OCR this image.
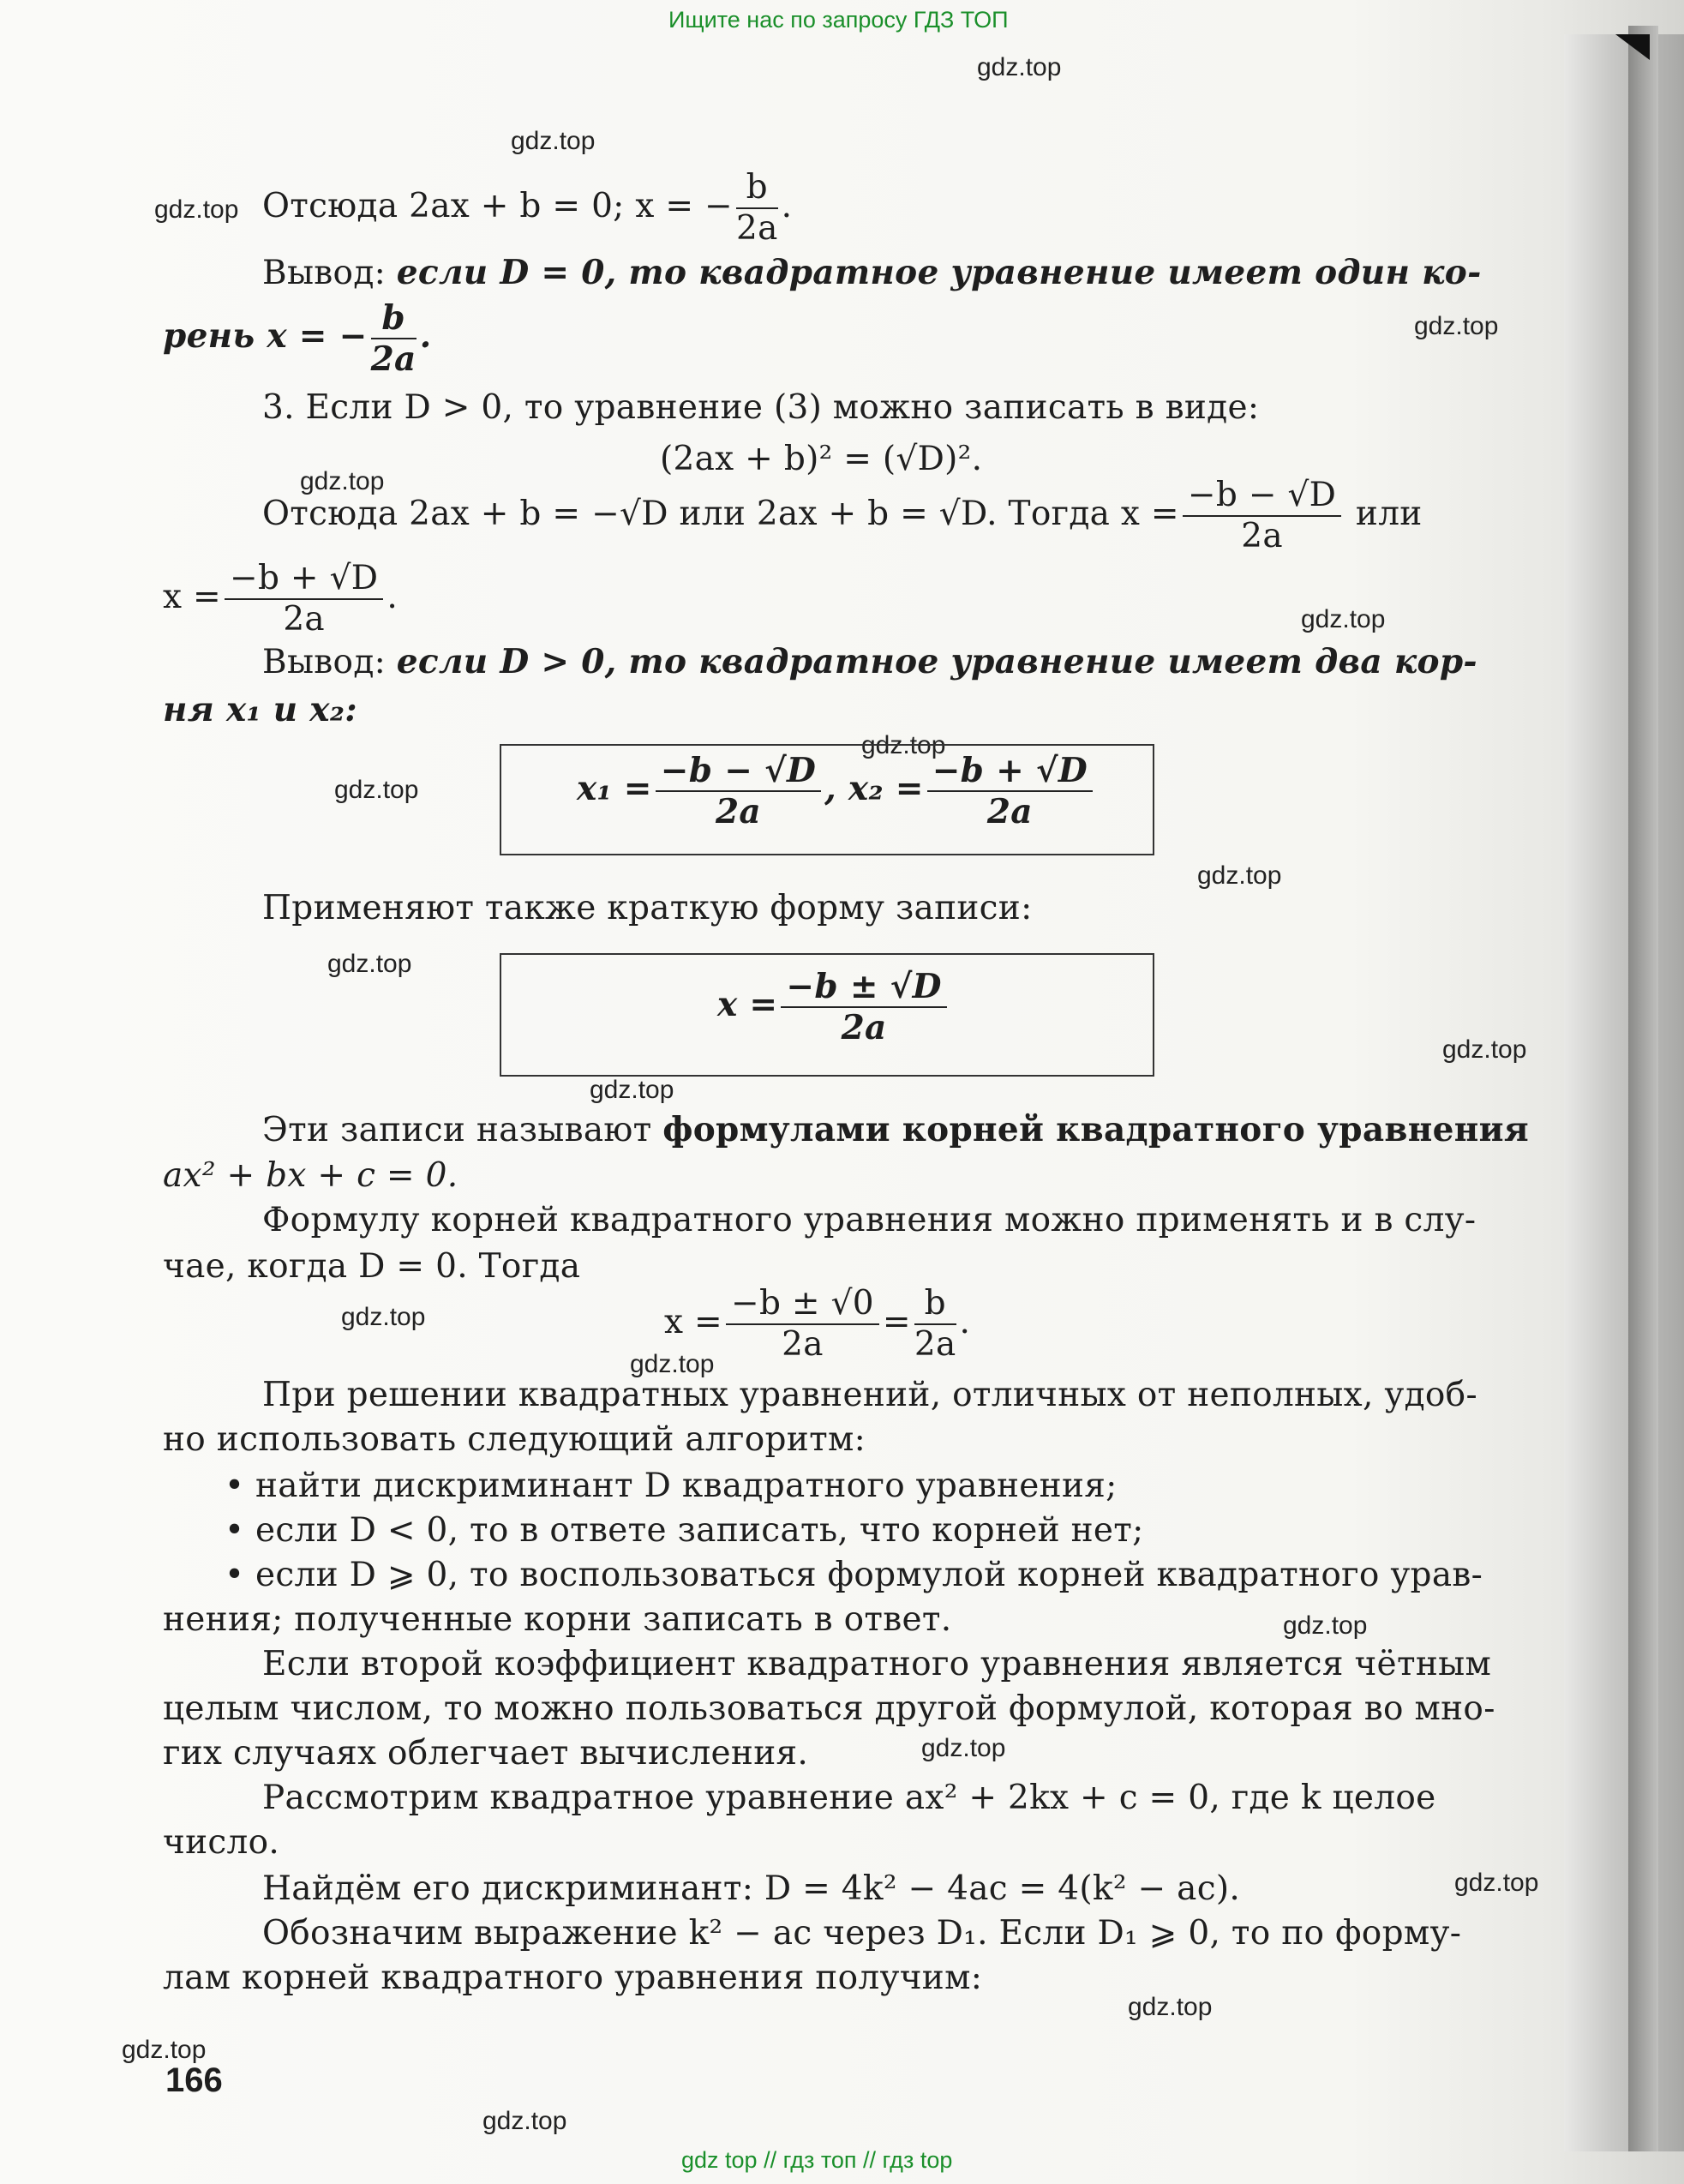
Ищите нас по запросу ГДЗ ТОП
gdz.top
gdz.top
gdz.top
gdz.top
gdz.top
gdz.top
gdz.top
gdz.top
gdz.top
gdz.top
gdz.top
gdz.top
gdz.top
gdz.top
gdz.top
gdz.top
gdz.top
gdz.top
gdz.top
gdz.top
Отсюда 2ax + b = 0; x = − $\frac{b}{2a}$ .
Вывод: если D = 0, то квадратное уравнение имеет один ко-
рень x = − $\frac{b}{2a}$ .
3. Если D > 0, то уравнение (3) можно записать в виде:
(2ax + b)² = (√D)².
Отсюда 2ax + b = −√D или 2ax + b = √D. Тогда $x = \frac{-b - √D}{2a}$ или
$x = \frac{-b + √D}{2a}$ .
Вывод: если D > 0, то квадратное уравнение имеет два кор-
ня x₁ и x₂:
$x_1 = \frac{-b - √D}{2a}$ , $x_2 = \frac{-b + √D}{2a}$
Применяют также краткую форму записи:
$x = \frac{-b \pm √D}{2a}$
Эти записи называют формулами корней квадратного уравнения
ax² + bx + c = 0.
Формулу корней квадратного уравнения можно применять и в слу-
чае, когда D = 0. Тогда
$x = \frac{-b \pm √0}{2a} = \frac{b}{2a}$ .
При решении квадратных уравнений, отличных от неполных, удоб-
но использовать следующий алгоритм:
• найти дискриминант D квадратного уравнения;
• если D < 0, то в ответе записать, что корней нет;
• если D ⩾ 0, то воспользоваться формулой корней квадратного урав-
нения; полученные корни записать в ответ.
Если второй коэффициент квадратного уравнения является чётным
целым числом, то можно пользоваться другой формулой, которая во мно-
гих случаях облегчает вычисления.
Рассмотрим квадратное уравнение ax² + 2kx + c = 0, где k целое
число.
Найдём его дискриминант: D = 4k² − 4ac = 4(k² − ac).
Обозначим выражение k² − ac через D₁. Если D₁ ⩾ 0, то по форму-
лам корней квадратного уравнения получим:
166
gdz top // гдз топ // гдз top
